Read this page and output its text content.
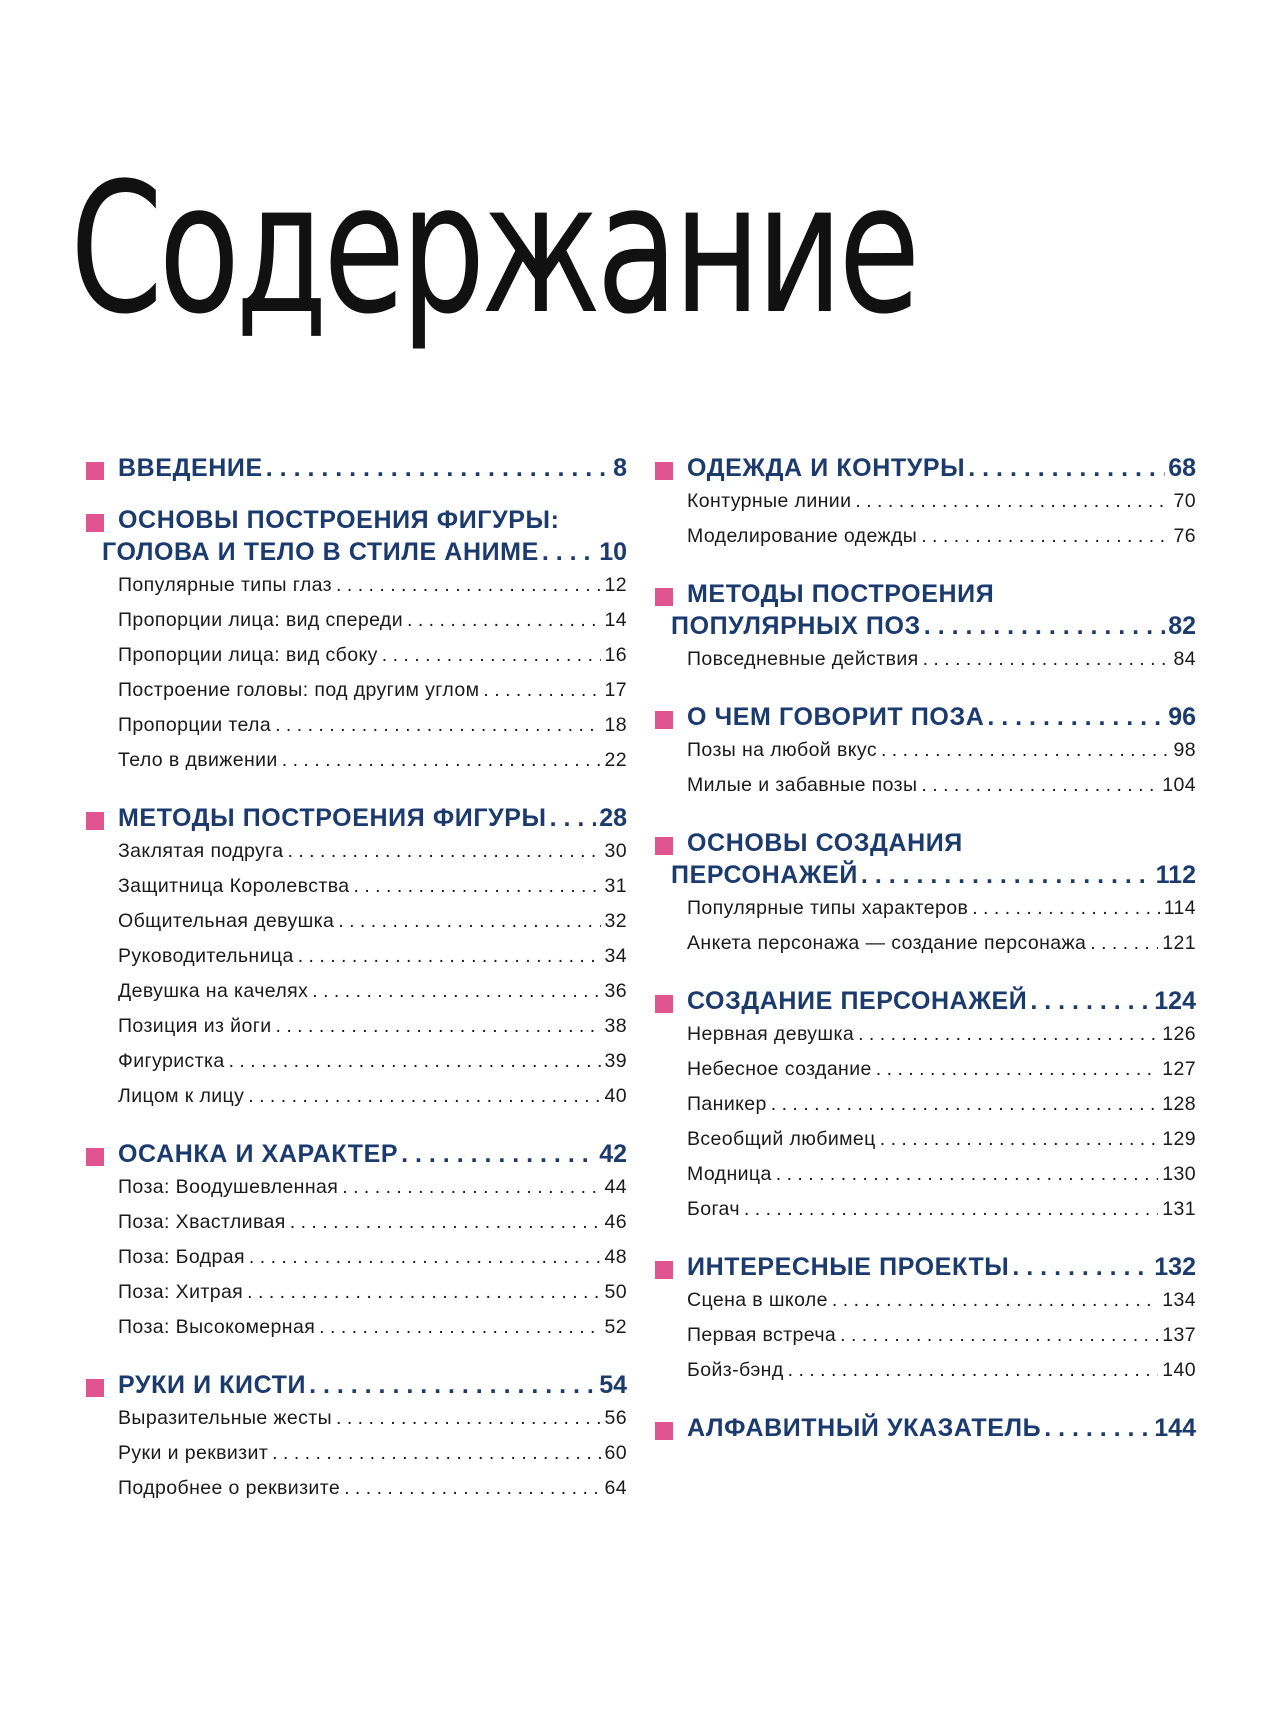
Содержание
ВВЕДЕНИЕ . . .	8
ОСНОВЫ ПОСТРОЕНИЯ ФИГУРЫ:
ГОЛОВА И ТЕЛО В СТИЛЕ АНИМЕ . . . 10
Популярные типы глаз . . .	12
Пропорции лица: вид спереди . . .	14
Пропорции лица: вид сбоку . . .	16
Построение головы: под другим углом . . .	17
Пропорции тела . . .	18
Тело в движении . . .	22
МЕТОДЫ ПОСТРОЕНИЯ ФИГУРЫ . . . 28
Заклятая подруга . . .	30
Защитница Королевства . . .	31
Общительная девушка . . .	32
Руководительница . . .	34
Девушка на качелях . . .	36
Позиция из йоги . . .	38
Фигуристка . . .	39
Лицом к лицу . . .	40
ОСАНКА И ХАРАКТЕР . . .	42
Поза: Воодушевленная . . .	44
Поза: Хвастливая . . .	46
Поза: Бодрая . . .	48
Поза: Хитрая . . .	50
Поза: Высокомерная . . .	52
РУКИ И КИСТИ . . .	54
Выразительные жесты . . .	56
Руки и реквизит . . .	60
Подробнее о реквизите . . .	64
ОДЕЖДА И КОНТУРЫ . . .	68
Контурные линии . . .	70
Моделирование одежды . . .	76
МЕТОДЫ ПОСТРОЕНИЯ
ПОПУЛЯРНЫХ ПОЗ . . .	82
Повседневные действия . . .	84
О ЧЕМ ГОВОРИТ ПОЗА . . .	96
Позы на любой вкус . . .	98
Милые и забавные позы . . .	104
ОСНОВЫ СОЗДАНИЯ
ПЕРСОНАЖЕЙ . . .	112
Популярные типы характеров . . .	114
Анкета персонажа — создание персонажа . . .	121
СОЗДАНИЕ ПЕРСОНАЖЕЙ . . .	124
Нервная девушка . . .	126
Небесное создание . . .	127
Паникер . . .	128
Всеобщий любимец . . .	129
Модница . . .	130
Богач . . .	131
ИНТЕРЕСНЫЕ ПРОЕКТЫ . . .	132
Сцена в школе . . .	134
Первая встреча . . .	137
Бойз-бэнд . . .	140
АЛФАВИТНЫЙ УКАЗАТЕЛЬ . . .	144
